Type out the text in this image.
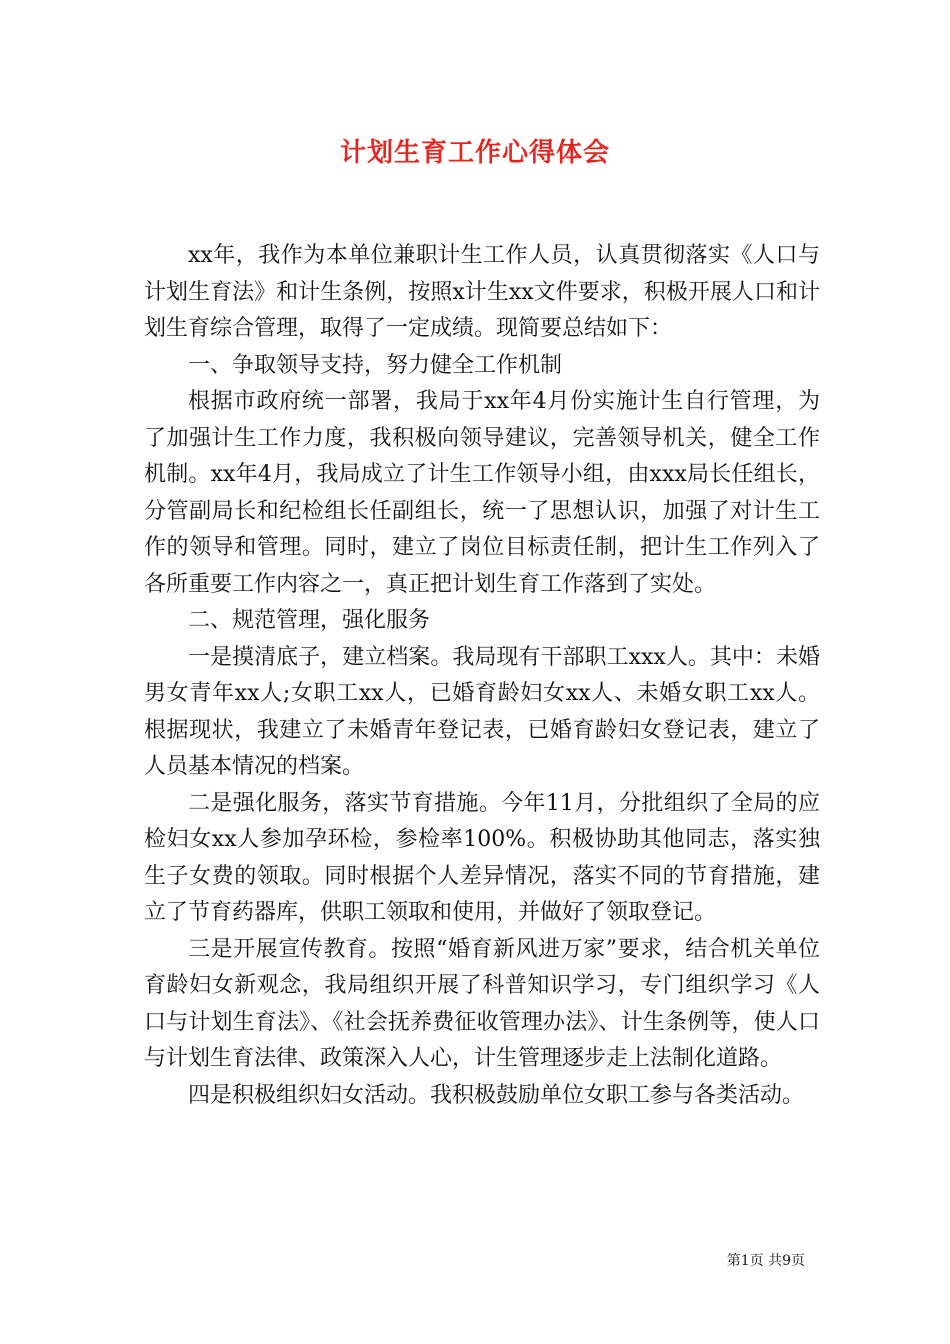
计划生育工作心得体会

xx年，我作为本单位兼职计生工作人员，认真贯彻落实《人口与计划生育法》和计生条例，按照x计生xx文件要求，积极开展人口和计划生育综合管理，取得了一定成绩。现简要总结如下：

一、争取领导支持，努力健全工作机制

根据市政府统一部署，我局于xx年4月份实施计生自行管理，为了加强计生工作力度，我积极向领导建议，完善领导机关，健全工作机制。xx年4月，我局成立了计生工作领导小组，由xxx局长任组长，分管副局长和纪检组长任副组长，统一了思想认识，加强了对计生工作的领导和管理。同时，建立了岗位目标责任制，把计生工作列入了各所重要工作内容之一，真正把计划生育工作落到了实处。

二、规范管理，强化服务

一是摸清底子，建立档案。我局现有干部职工xxx人。其中：未婚男女青年xx人;女职工xx人，已婚育龄妇女xx人、未婚女职工xx人。根据现状，我建立了未婚青年登记表，已婚育龄妇女登记表，建立了人员基本情况的档案。

二是强化服务，落实节育措施。今年11月，分批组织了全局的应检妇女xx人参加孕环检，参检率100%。积极协助其他同志，落实独生子女费的领取。同时根据个人差异情况，落实不同的节育措施，建立了节育药器库，供职工领取和使用，并做好了领取登记。

三是开展宣传教育。按照“婚育新风进万家”要求，结合机关单位育龄妇女新观念，我局组织开展了科普知识学习，专门组织学习《人口与计划生育法》、《社会抚养费征收管理办法》、计生条例等，使人口与计划生育法律、政策深入人心，计生管理逐步走上法制化道路。

四是积极组织妇女活动。我积极鼓励单位女职工参与各类活动。

第1页 共9页
